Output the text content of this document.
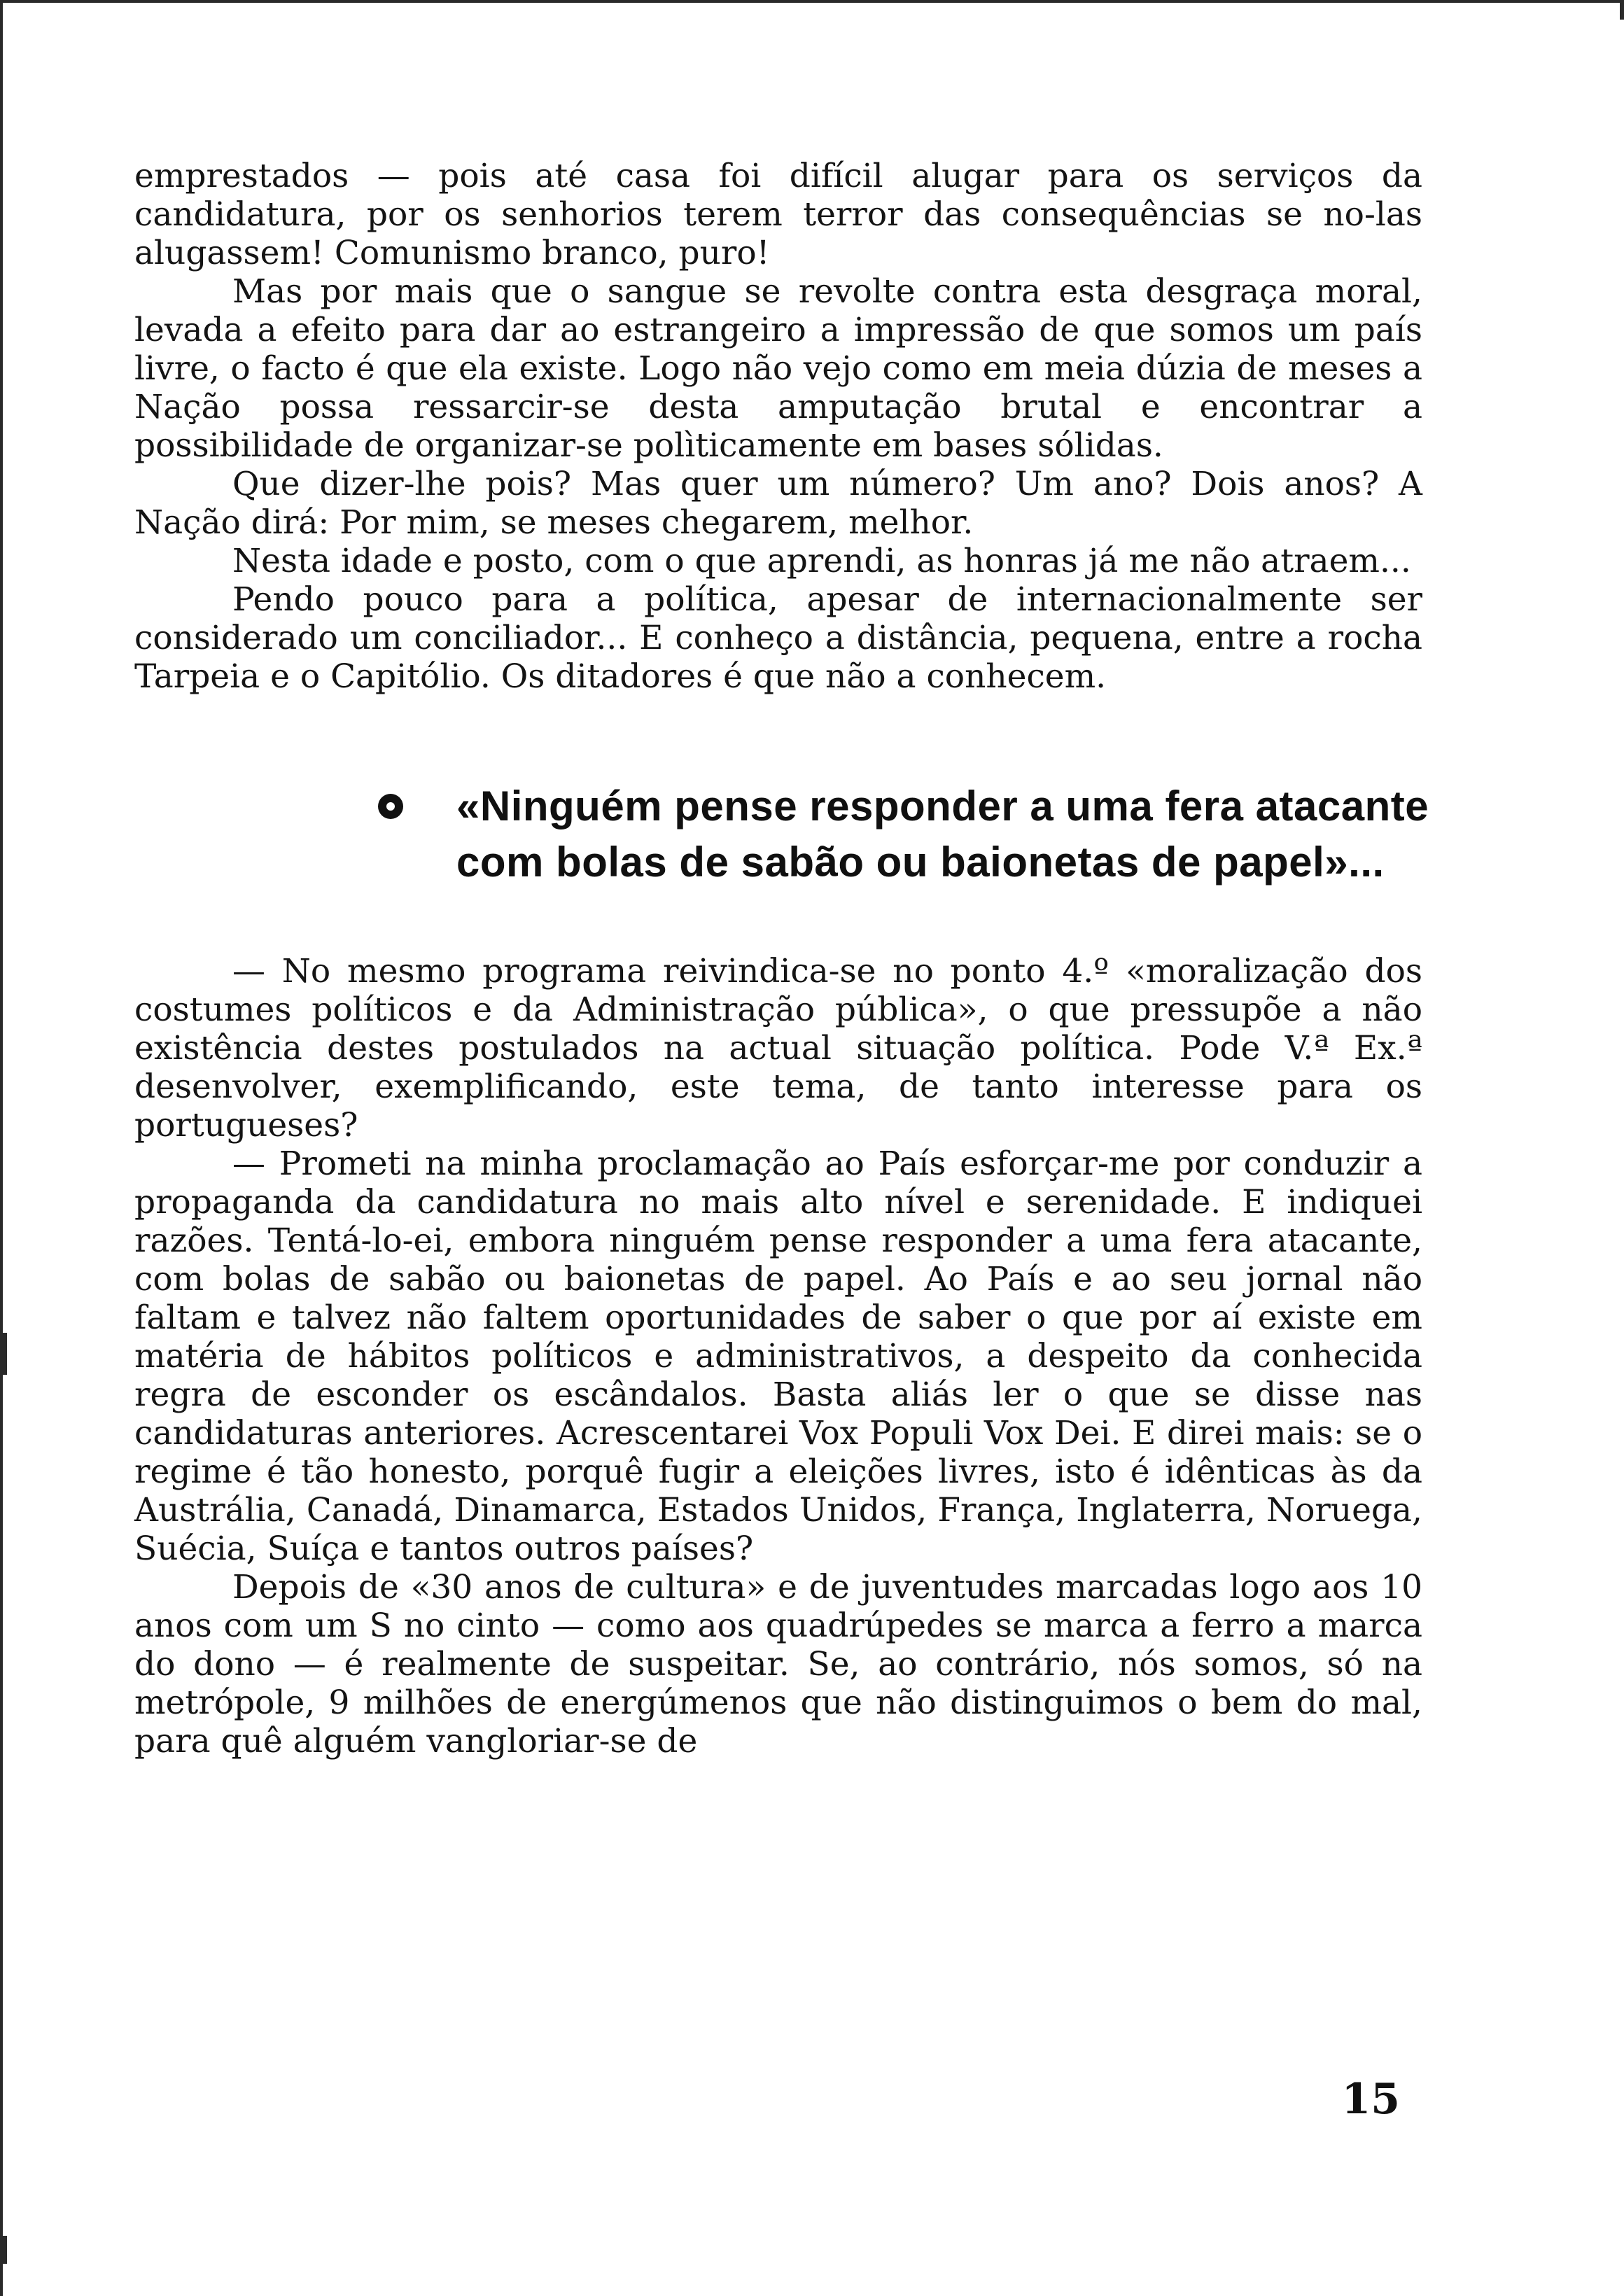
emprestados — pois até casa foi difícil alugar para os serviços da candidatura, por os senhorios terem terror das consequências se no-las alugassem! Comunismo branco, puro!

Mas por mais que o sangue se revolte contra esta desgraça moral, levada a efeito para dar ao estrangeiro a impressão de que somos um país livre, o facto é que ela existe. Logo não vejo como em meia dúzia de meses a Nação possa ressarcir-se desta amputação brutal e encontrar a possibilidade de organizar-se polìticamente em bases sólidas.

Que dizer-lhe pois? Mas quer um número? Um ano? Dois anos? A Nação dirá: Por mim, se meses chegarem, melhor.

Nesta idade e posto, com o que aprendi, as honras já me não atraem...

Pendo pouco para a política, apesar de internacionalmente ser considerado um conciliador... E conheço a distância, pequena, entre a rocha Tarpeia e o Capitólio. Os ditadores é que não a conhecem.

«Ninguém pense responder a uma fera atacante
com bolas de sabão ou baionetas de papel»...

— No mesmo programa reivindica-se no ponto 4.º «moralização dos costumes políticos e da Administração pública», o que pressupõe a não existência destes postulados na actual situação política. Pode V.ª Ex.ª desenvolver, exemplificando, este tema, de tanto interesse para os portugueses?

— Prometi na minha proclamação ao País esforçar-me por conduzir a propaganda da candidatura no mais alto nível e serenidade. E indiquei razões. Tentá-lo-ei, embora ninguém pense responder a uma fera atacante, com bolas de sabão ou baionetas de papel. Ao País e ao seu jornal não faltam e talvez não faltem oportunidades de saber o que por aí existe em matéria de hábitos políticos e administrativos, a despeito da conhecida regra de esconder os escândalos. Basta aliás ler o que se disse nas candidaturas anteriores. Acrescentarei Vox Populi Vox Dei. E direi mais: se o regime é tão honesto, porquê fugir a eleições livres, isto é idênticas às da Austrália, Canadá, Dinamarca, Estados Unidos, França, Inglaterra, Noruega, Suécia, Suíça e tantos outros países?

Depois de «30 anos de cultura» e de juventudes marcadas logo aos 10 anos com um S no cinto — como aos quadrúpedes se marca a ferro a marca do dono — é realmente de suspeitar. Se, ao contrário, nós somos, só na metrópole, 9 milhões de energúmenos que não distinguimos o bem do mal, para quê alguém vangloriar-se de

15
